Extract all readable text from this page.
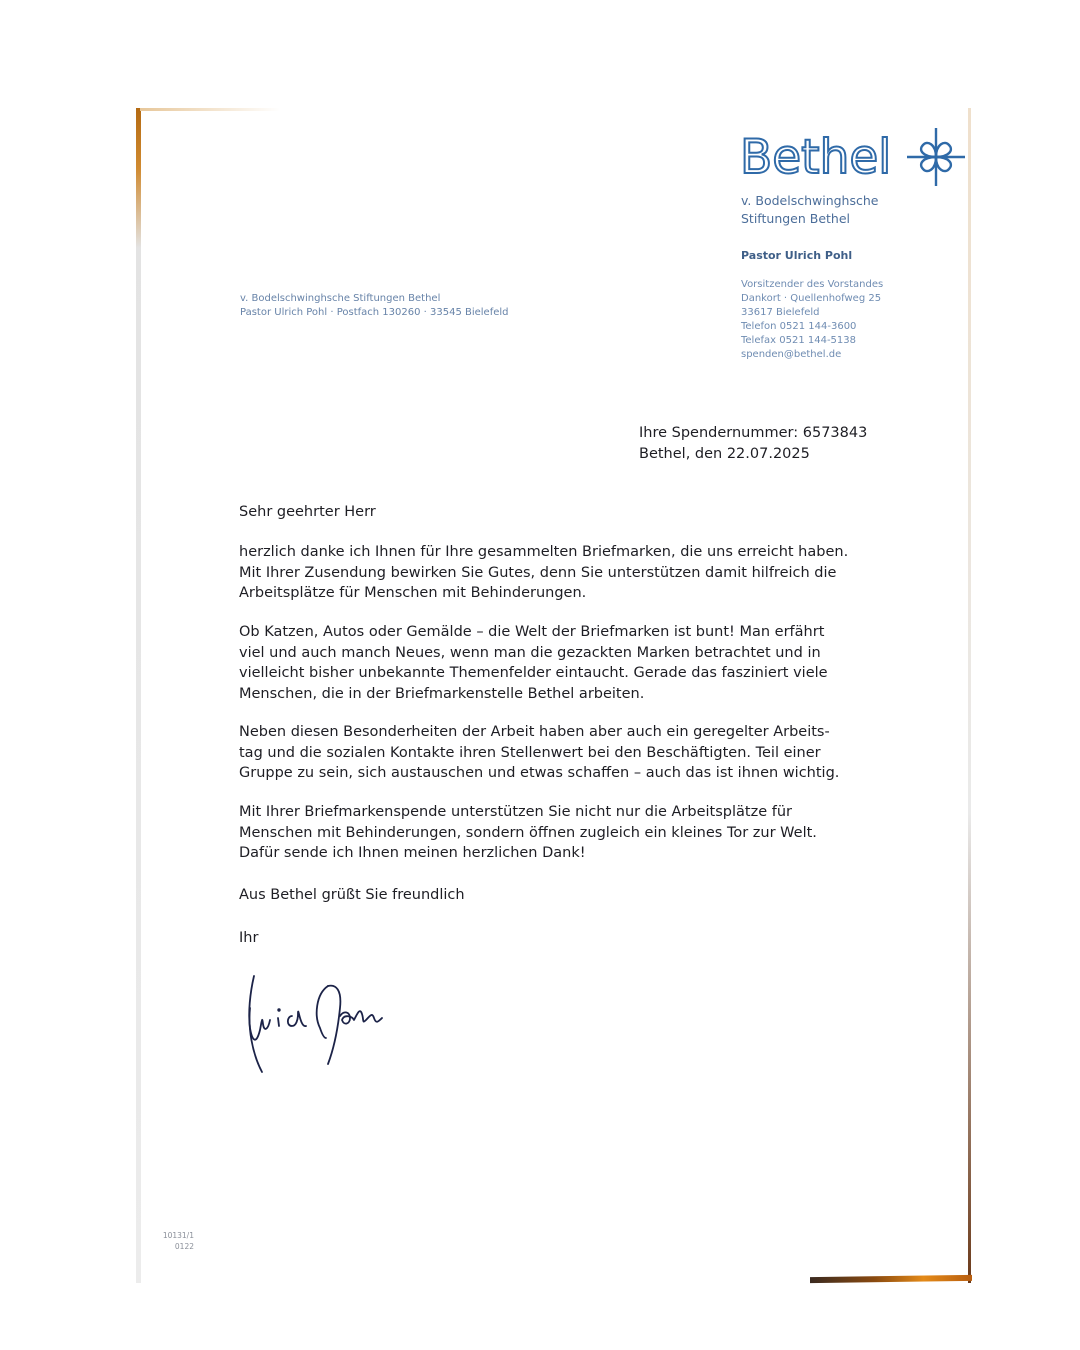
Bethel
v. Bodelschwinghsche
Stiftungen Bethel
Pastor Ulrich Pohl
Vorsitzender des Vorstandes
Dankort · Quellenhofweg 25
33617 Bielefeld
Telefon 0521 144-3600
Telefax 0521 144-5138
spenden@bethel.de
v. Bodelschwinghsche Stiftungen Bethel
Pastor Ulrich Pohl · Postfach 130260 · 33545 Bielefeld
Ihre Spendernummer: 6573843
Bethel, den 22.07.2025
Sehr geehrter Herr
herzlich danke ich Ihnen für Ihre gesammelten Briefmarken, die uns erreicht haben.
Mit Ihrer Zusendung bewirken Sie Gutes, denn Sie unterstützen damit hilfreich die
Arbeitsplätze für Menschen mit Behinderungen.
Ob Katzen, Autos oder Gemälde – die Welt der Briefmarken ist bunt! Man erfährt
viel und auch manch Neues, wenn man die gezackten Marken betrachtet und in
vielleicht bisher unbekannte Themenfelder eintaucht. Gerade das fasziniert viele
Menschen, die in der Briefmarkenstelle Bethel arbeiten.
Neben diesen Besonderheiten der Arbeit haben aber auch ein geregelter Arbeits-
tag und die sozialen Kontakte ihren Stellenwert bei den Beschäftigten. Teil einer
Gruppe zu sein, sich austauschen und etwas schaffen – auch das ist ihnen wichtig.
Mit Ihrer Briefmarkenspende unterstützen Sie nicht nur die Arbeitsplätze für
Menschen mit Behinderungen, sondern öffnen zugleich ein kleines Tor zur Welt.
Dafür sende ich Ihnen meinen herzlichen Dank!
Aus Bethel grüßt Sie freundlich
Ihr
10131/1
0122
